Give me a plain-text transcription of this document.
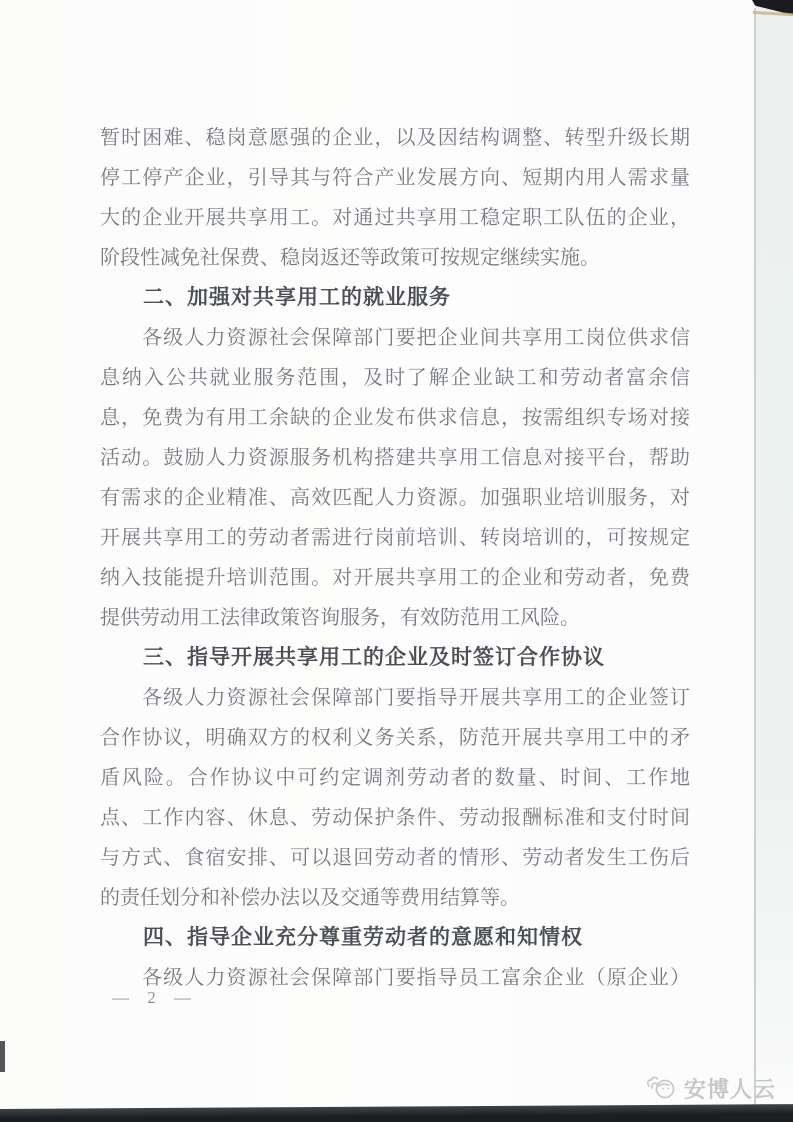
暂时困难、稳岗意愿强的企业，以及因结构调整、转型升级长期
停工停产企业，引导其与符合产业发展方向、短期内用人需求量
大的企业开展共享用工。对通过共享用工稳定职工队伍的企业，
阶段性减免社保费、稳岗返还等政策可按规定继续实施。
二、加强对共享用工的就业服务
各级人力资源社会保障部门要把企业间共享用工岗位供求信
息纳入公共就业服务范围，及时了解企业缺工和劳动者富余信
息，免费为有用工余缺的企业发布供求信息，按需组织专场对接
活动。鼓励人力资源服务机构搭建共享用工信息对接平台，帮助
有需求的企业精准、高效匹配人力资源。加强职业培训服务，对
开展共享用工的劳动者需进行岗前培训、转岗培训的，可按规定
纳入技能提升培训范围。对开展共享用工的企业和劳动者，免费
提供劳动用工法律政策咨询服务，有效防范用工风险。
三、指导开展共享用工的企业及时签订合作协议
各级人力资源社会保障部门要指导开展共享用工的企业签订
合作协议，明确双方的权利义务关系，防范开展共享用工中的矛
盾风险。合作协议中可约定调剂劳动者的数量、时间、工作地
点、工作内容、休息、劳动保护条件、劳动报酬标准和支付时间
与方式、食宿安排、可以退回劳动者的情形、劳动者发生工伤后
的责任划分和补偿办法以及交通等费用结算等。
四、指导企业充分尊重劳动者的意愿和知情权
各级人力资源社会保障部门要指导员工富余企业（原企业）
— 2 —
安博人云
